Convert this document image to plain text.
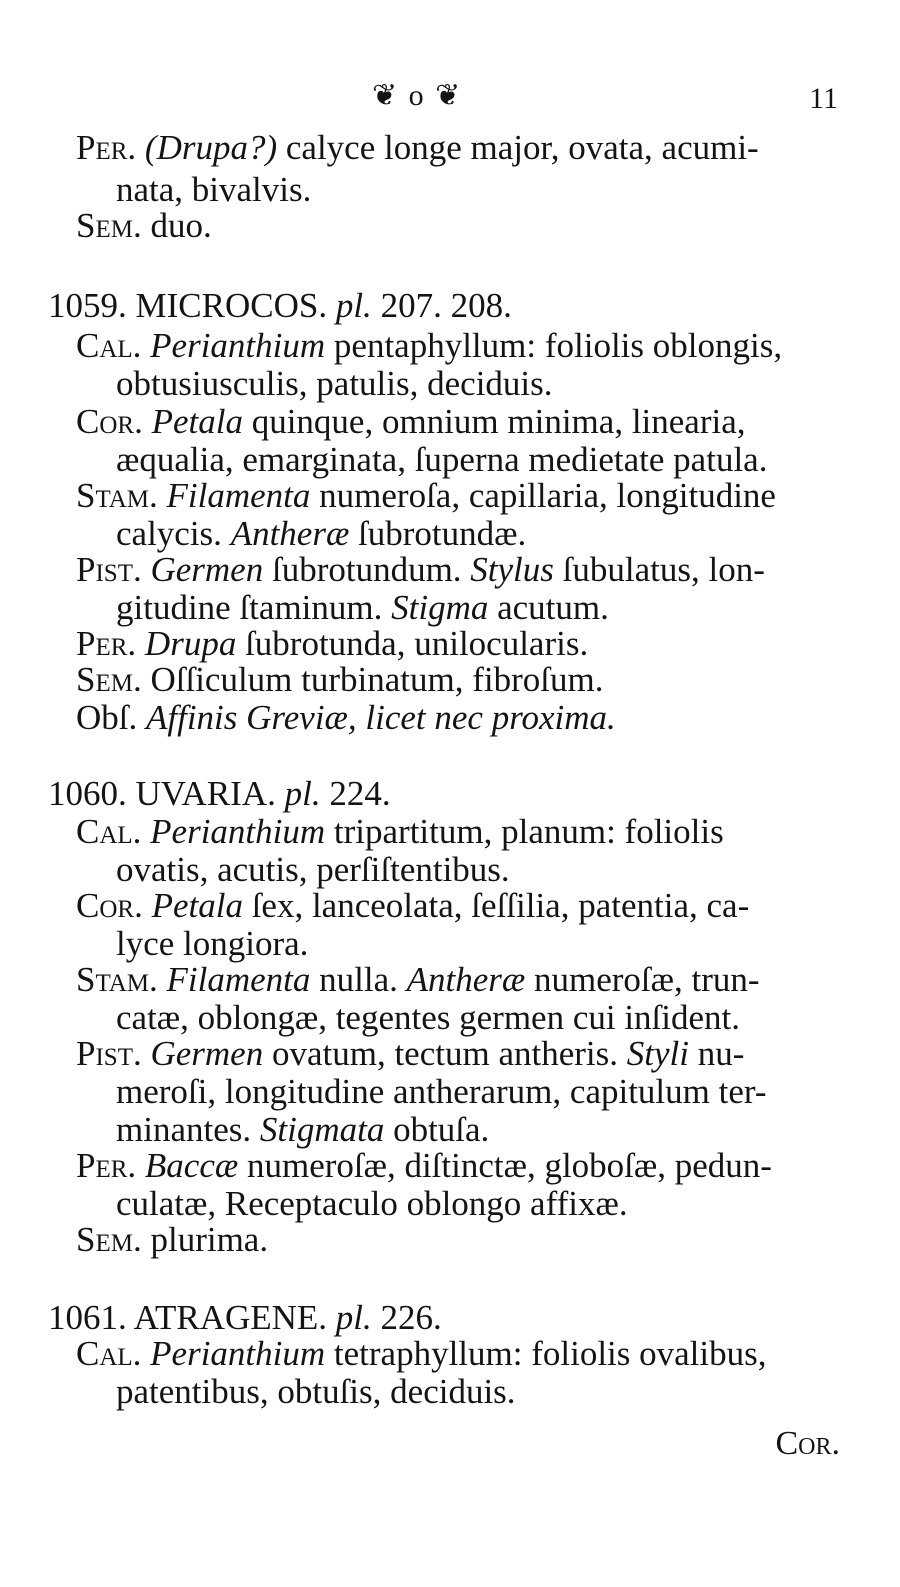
❦ o ❦	11
Per. (Drupa?) calyce longe major, ovata, acumi-
nata, bivalvis.
Sem. duo.
1059. MICROCOS. pl. 207. 208.
Cal. Perianthium pentaphyllum: foliolis oblongis,
obtusiusculis, patulis, deciduis.
Cor. Petala quinque, omnium minima, linearia,
æqualia, emarginata, ſuperna medietate patula.
Stam. Filamenta numeroſa, capillaria, longitudine
calycis. Antheræ ſubrotundæ.
Pist. Germen ſubrotundum. Stylus ſubulatus, lon-
gitudine ſtaminum. Stigma acutum.
Per. Drupa ſubrotunda, unilocularis.
Sem. Oſſiculum turbinatum, fibroſum.
Obſ. Affinis Greviæ, licet nec proxima.
1060. UVARIA. pl. 224.
Cal. Perianthium tripartitum, planum: foliolis
ovatis, acutis, perſiſtentibus.
Cor. Petala ſex, lanceolata, ſeſſilia, patentia, ca-
lyce longiora.
Stam. Filamenta nulla. Antheræ numeroſæ, trun-
catæ, oblongæ, tegentes germen cui inſident.
Pist. Germen ovatum, tectum antheris. Styli nu-
meroſi, longitudine antherarum, capitulum ter-
minantes. Stigmata obtuſa.
Per. Baccæ numeroſæ, diſtinctæ, globoſæ, pedun-
culatæ, Receptaculo oblongo affixæ.
Sem. plurima.
1061. ATRAGENE. pl. 226.
Cal. Perianthium tetraphyllum: foliolis ovalibus,
patentibus, obtuſis, deciduis.
Cor.
